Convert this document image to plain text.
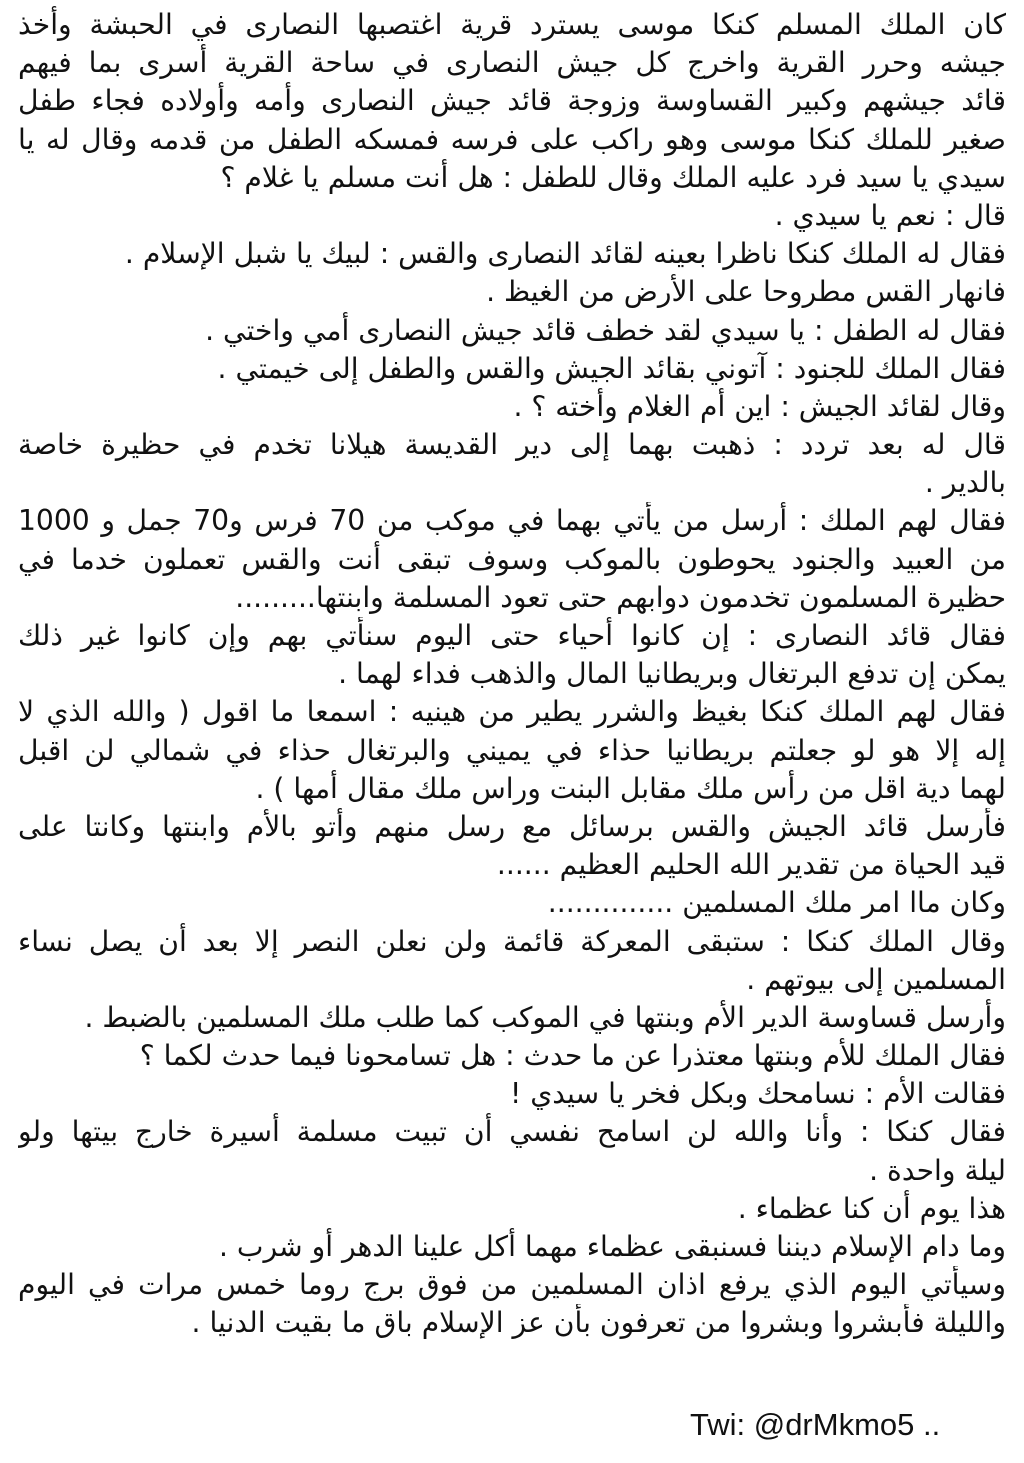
كان الملك المسلم كنكا موسى يسترد قرية اغتصبها النصارى في الحبشة وأخذ
جيشه وحرر القرية واخرج كل جيش النصارى في ساحة القرية أسرى بما فيهم
قائد جيشهم وكبير القساوسة وزوجة قائد جيش النصارى وأمه وأولاده فجاء طفل
صغير للملك كنكا موسى وهو راكب على فرسه فمسكه الطفل من قدمه وقال له يا
سيدي يا سيد فرد عليه الملك وقال للطفل : هل أنت مسلم يا غلام ؟
قال : نعم يا سيدي .
فقال له الملك كنكا ناظرا بعينه لقائد النصارى والقس : لبيك يا شبل الإسلام .
فانهار القس مطروحا على الأرض من الغيظ .
فقال له الطفل : يا سيدي لقد خطف قائد جيش النصارى أمي واختي .
فقال الملك للجنود : آتوني بقائد الجيش والقس والطفل إلى خيمتي .
وقال لقائد الجيش : اين أم الغلام وأخته ؟ .
قال له بعد تردد : ذهبت بهما إلى دير القديسة هيلانا تخدم في حظيرة خاصة
بالدير .
فقال لهم الملك : أرسل من يأتي بهما في موكب من 70 فرس و70 جمل و 1000
من العبيد والجنود يحوطون بالموكب وسوف تبقى أنت والقس تعملون خدما في
حظيرة المسلمون تخدمون دوابهم حتى تعود المسلمة وابنتها.........
فقال قائد النصارى : إن كانوا أحياء حتى اليوم سنأتي بهم وإن كانوا غير ذلك
يمكن إن تدفع البرتغال وبريطانيا المال والذهب فداء لهما .
فقال لهم الملك كنكا بغيظ والشرر يطير من هينيه : اسمعا ما اقول ( والله الذي لا
إله إلا هو لو جعلتم بريطانيا حذاء في يميني والبرتغال حذاء في شمالي لن اقبل
لهما دية اقل من رأس ملك مقابل البنت وراس ملك مقال أمها ) .
فأرسل قائد الجيش والقس برسائل مع رسل منهم وأتو بالأم وابنتها وكانتا على
قيد الحياة من تقدير الله الحليم العظيم ......
وكان ماا امر ملك المسلمين ..............
وقال الملك كنكا : ستبقى المعركة قائمة ولن نعلن النصر إلا بعد أن يصل نساء
المسلمين إلى بيوتهم .
وأرسل قساوسة الدير الأم وبنتها في الموكب كما طلب ملك المسلمين بالضبط .
فقال الملك للأم وبنتها معتذرا عن ما حدث : هل تسامحونا فيما حدث لكما ؟
فقالت الأم : نسامحك وبكل فخر يا سيدي !
فقال كنكا : وأنا والله لن اسامح نفسي أن تبيت مسلمة أسيرة خارج بيتها ولو
ليلة واحدة .
هذا يوم أن كنا عظماء .
وما دام الإسلام ديننا فسنبقى عظماء مهما أكل علينا الدهر أو شرب .
وسيأتي اليوم الذي يرفع اذان المسلمين من فوق برج روما خمس مرات في اليوم
والليلة فأبشروا وبشروا من تعرفون بأن عز الإسلام باق ما بقيت الدنيا .
Twi: @drMkmo5 ..
